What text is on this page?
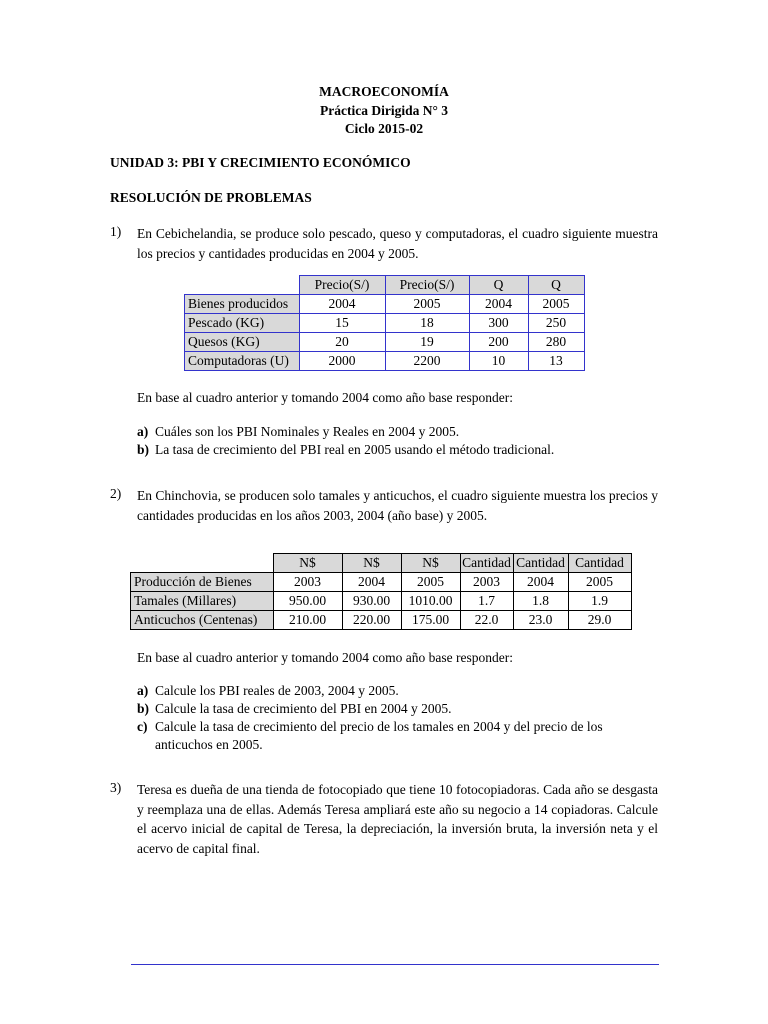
MACROECONOMÍA
Práctica Dirigida N° 3
Ciclo 2015-02
UNIDAD 3: PBI Y CRECIMIENTO ECONÓMICO
RESOLUCIÓN DE PROBLEMAS
1) En Cebichelandia, se produce solo pescado, queso y computadoras, el cuadro siguiente muestra los precios y cantidades producidas en 2004 y 2005.
	Precio(S/)	Precio(S/)	Q	Q
Bienes producidos	2004	2005	2004	2005
Pescado (KG)	15	18	300	250
Quesos (KG)	20	19	200	280
Computadoras (U)	2000	2200	10	13
En base al cuadro anterior y tomando 2004 como año base responder:
a) Cuáles son los PBI Nominales y Reales en 2004 y 2005.
b) La tasa de crecimiento del PBI real en 2005 usando el método tradicional.
2) En Chinchovia, se producen solo tamales y anticuchos, el cuadro siguiente muestra los precios y cantidades producidas en los años 2003, 2004 (año base) y 2005.
	N$	N$	N$	Cantidad	Cantidad	Cantidad
Producción de Bienes	2003	2004	2005	2003	2004	2005
Tamales (Millares)	950.00	930.00	1010.00	1.7	1.8	1.9
Anticuchos (Centenas)	210.00	220.00	175.00	22.0	23.0	29.0
En base al cuadro anterior y tomando 2004 como año base responder:
a) Calcule los PBI reales de 2003, 2004 y 2005.
b) Calcule la tasa de crecimiento del PBI en 2004 y 2005.
c) Calcule la tasa de crecimiento del precio de los tamales en 2004 y del precio de los anticuchos en 2005.
3) Teresa es dueña de una tienda de fotocopiado que tiene 10 fotocopiadoras. Cada año se desgasta y reemplaza una de ellas. Además Teresa ampliará este año su negocio a 14 copiadoras. Calcule el acervo inicial de capital de Teresa, la depreciación, la inversión bruta, la inversión neta y el acervo de capital final.
